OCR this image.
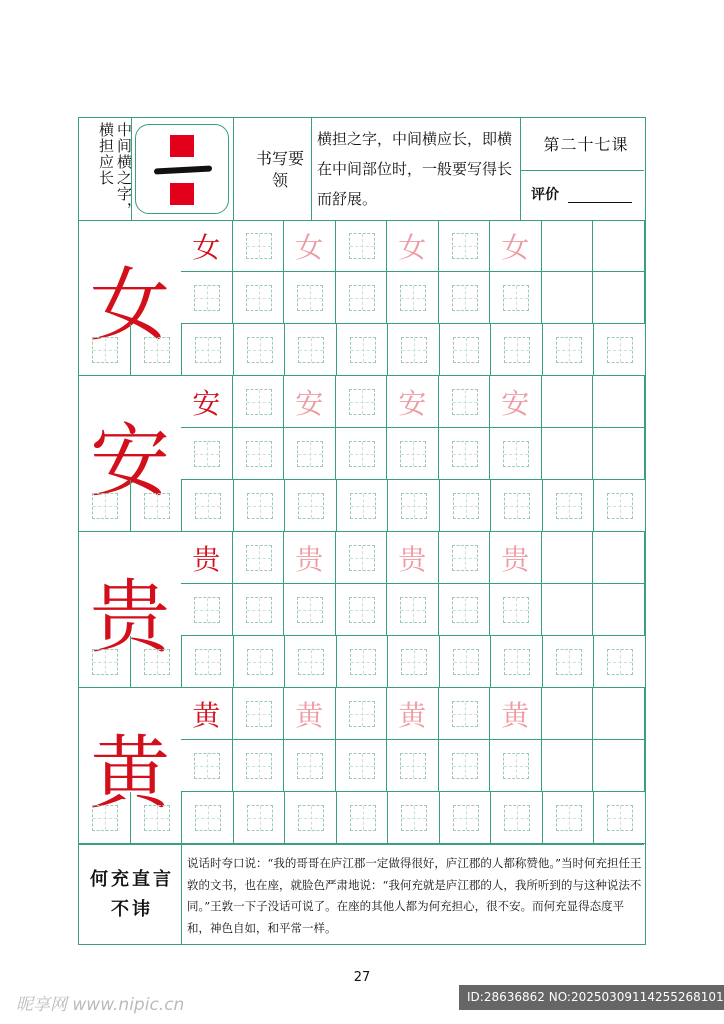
中间横之字，横担应长	书写要领
横担之字，中间横应长，即横在中间部位时，一般要写得长而舒展。
第二十七课
评价
女
女	女	女	女
安
安	安	安	安
贵
贵	贵	贵	贵
黄
黄	黄	黄	黄
何充直言不讳
说话时夸口说：“我的哥哥在庐江郡一定做得很好，庐江郡的人都称赞他。”当时何充担任王敦的文书，也在座，就脸色严肃地说：“我何充就是庐江郡的人，我所听到的与这种说法不同。”王敦一下子没话可说了。在座的其他人都为何充担心，很不安。而何充显得态度平和，神色自如，和平常一样。
27
昵享网 www.nipic.cn	ID:28636862 NO:20250309114255268101
